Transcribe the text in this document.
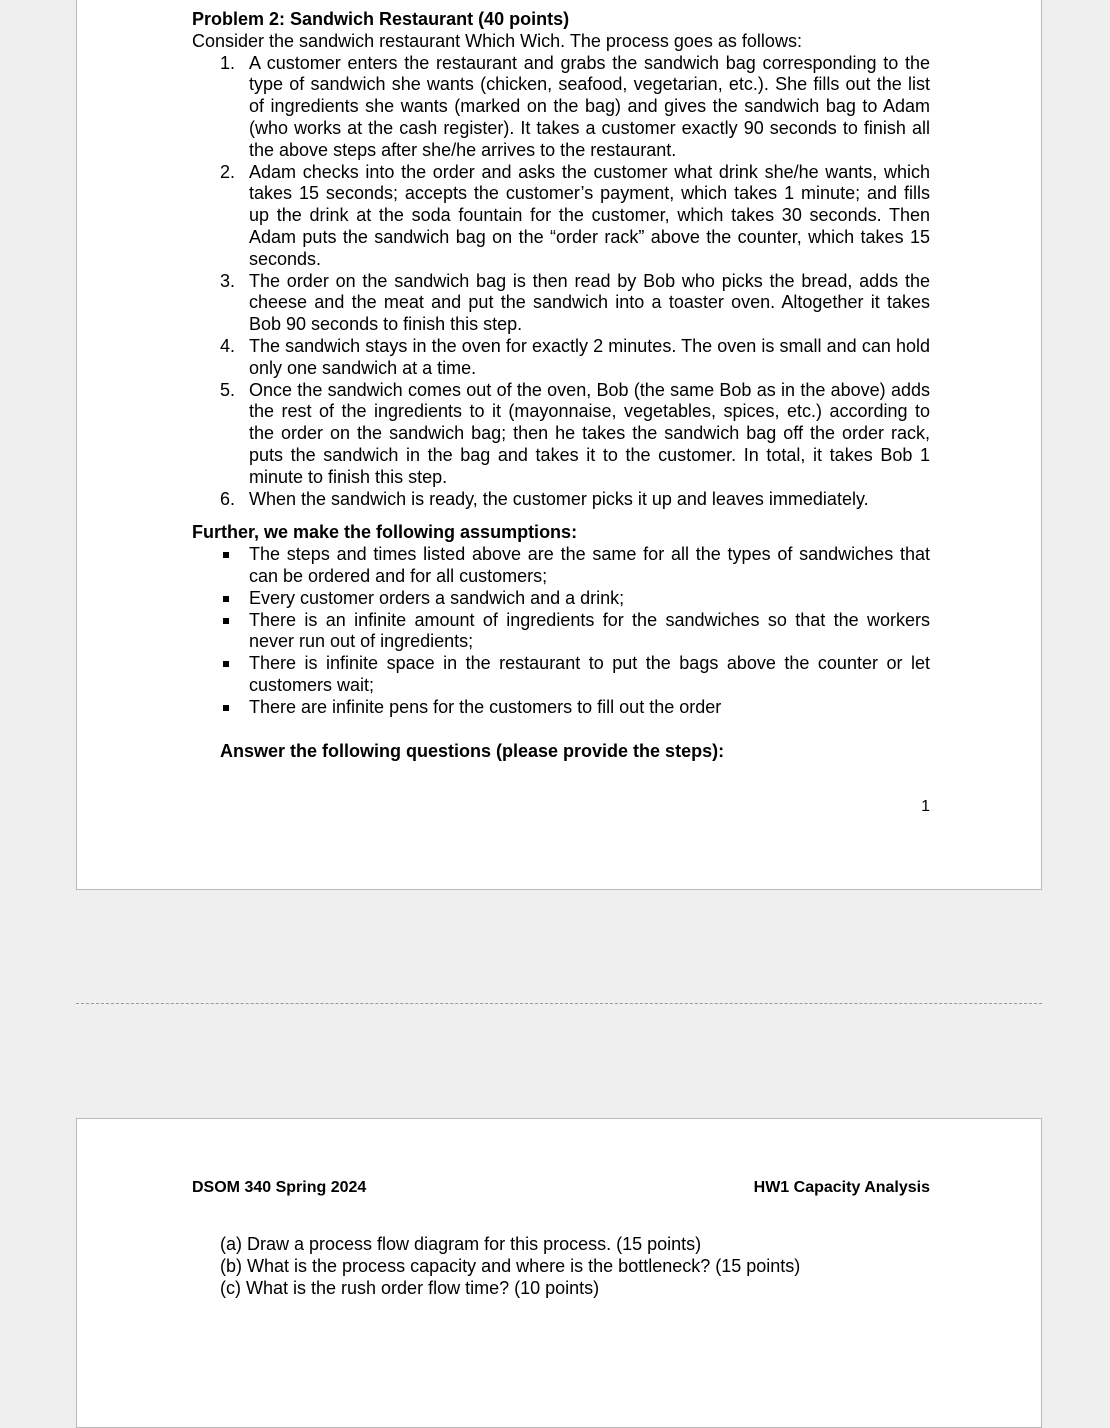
Problem 2: Sandwich Restaurant (40 points)

Consider the sandwich restaurant Which Wich. The process goes as follows:

1. A customer enters the restaurant and grabs the sandwich bag corresponding to the type of sandwich she wants (chicken, seafood, vegetarian, etc.). She fills out the list of ingredients she wants (marked on the bag) and gives the sandwich bag to Adam (who works at the cash register). It takes a customer exactly 90 seconds to finish all the above steps after she/he arrives to the restaurant.
2. Adam checks into the order and asks the customer what drink she/he wants, which takes 15 seconds; accepts the customer’s payment, which takes 1 minute; and fills up the drink at the soda fountain for the customer, which takes 30 seconds. Then Adam puts the sandwich bag on the “order rack” above the counter, which takes 15 seconds.
3. The order on the sandwich bag is then read by Bob who picks the bread, adds the cheese and the meat and put the sandwich into a toaster oven. Altogether it takes Bob 90 seconds to finish this step.
4. The sandwich stays in the oven for exactly 2 minutes. The oven is small and can hold only one sandwich at a time.
5. Once the sandwich comes out of the oven, Bob (the same Bob as in the above) adds the rest of the ingredients to it (mayonnaise, vegetables, spices, etc.) according to the order on the sandwich bag; then he takes the sandwich bag off the order rack, puts the sandwich in the bag and takes it to the customer. In total, it takes Bob 1 minute to finish this step.
6. When the sandwich is ready, the customer picks it up and leaves immediately.

Further, we make the following assumptions:

The steps and times listed above are the same for all the types of sandwiches that can be ordered and for all customers;
Every customer orders a sandwich and a drink;
There is an infinite amount of ingredients for the sandwiches so that the workers never run out of ingredients;
There is infinite space in the restaurant to put the bags above the counter or let customers wait;
There are infinite pens for the customers to fill out the order

Answer the following questions (please provide the steps):

1
DSOM 340 Spring 2024	HW1 Capacity Analysis
(a) Draw a process flow diagram for this process. (15 points)
(b) What is the process capacity and where is the bottleneck? (15 points)
(c) What is the rush order flow time? (10 points)
